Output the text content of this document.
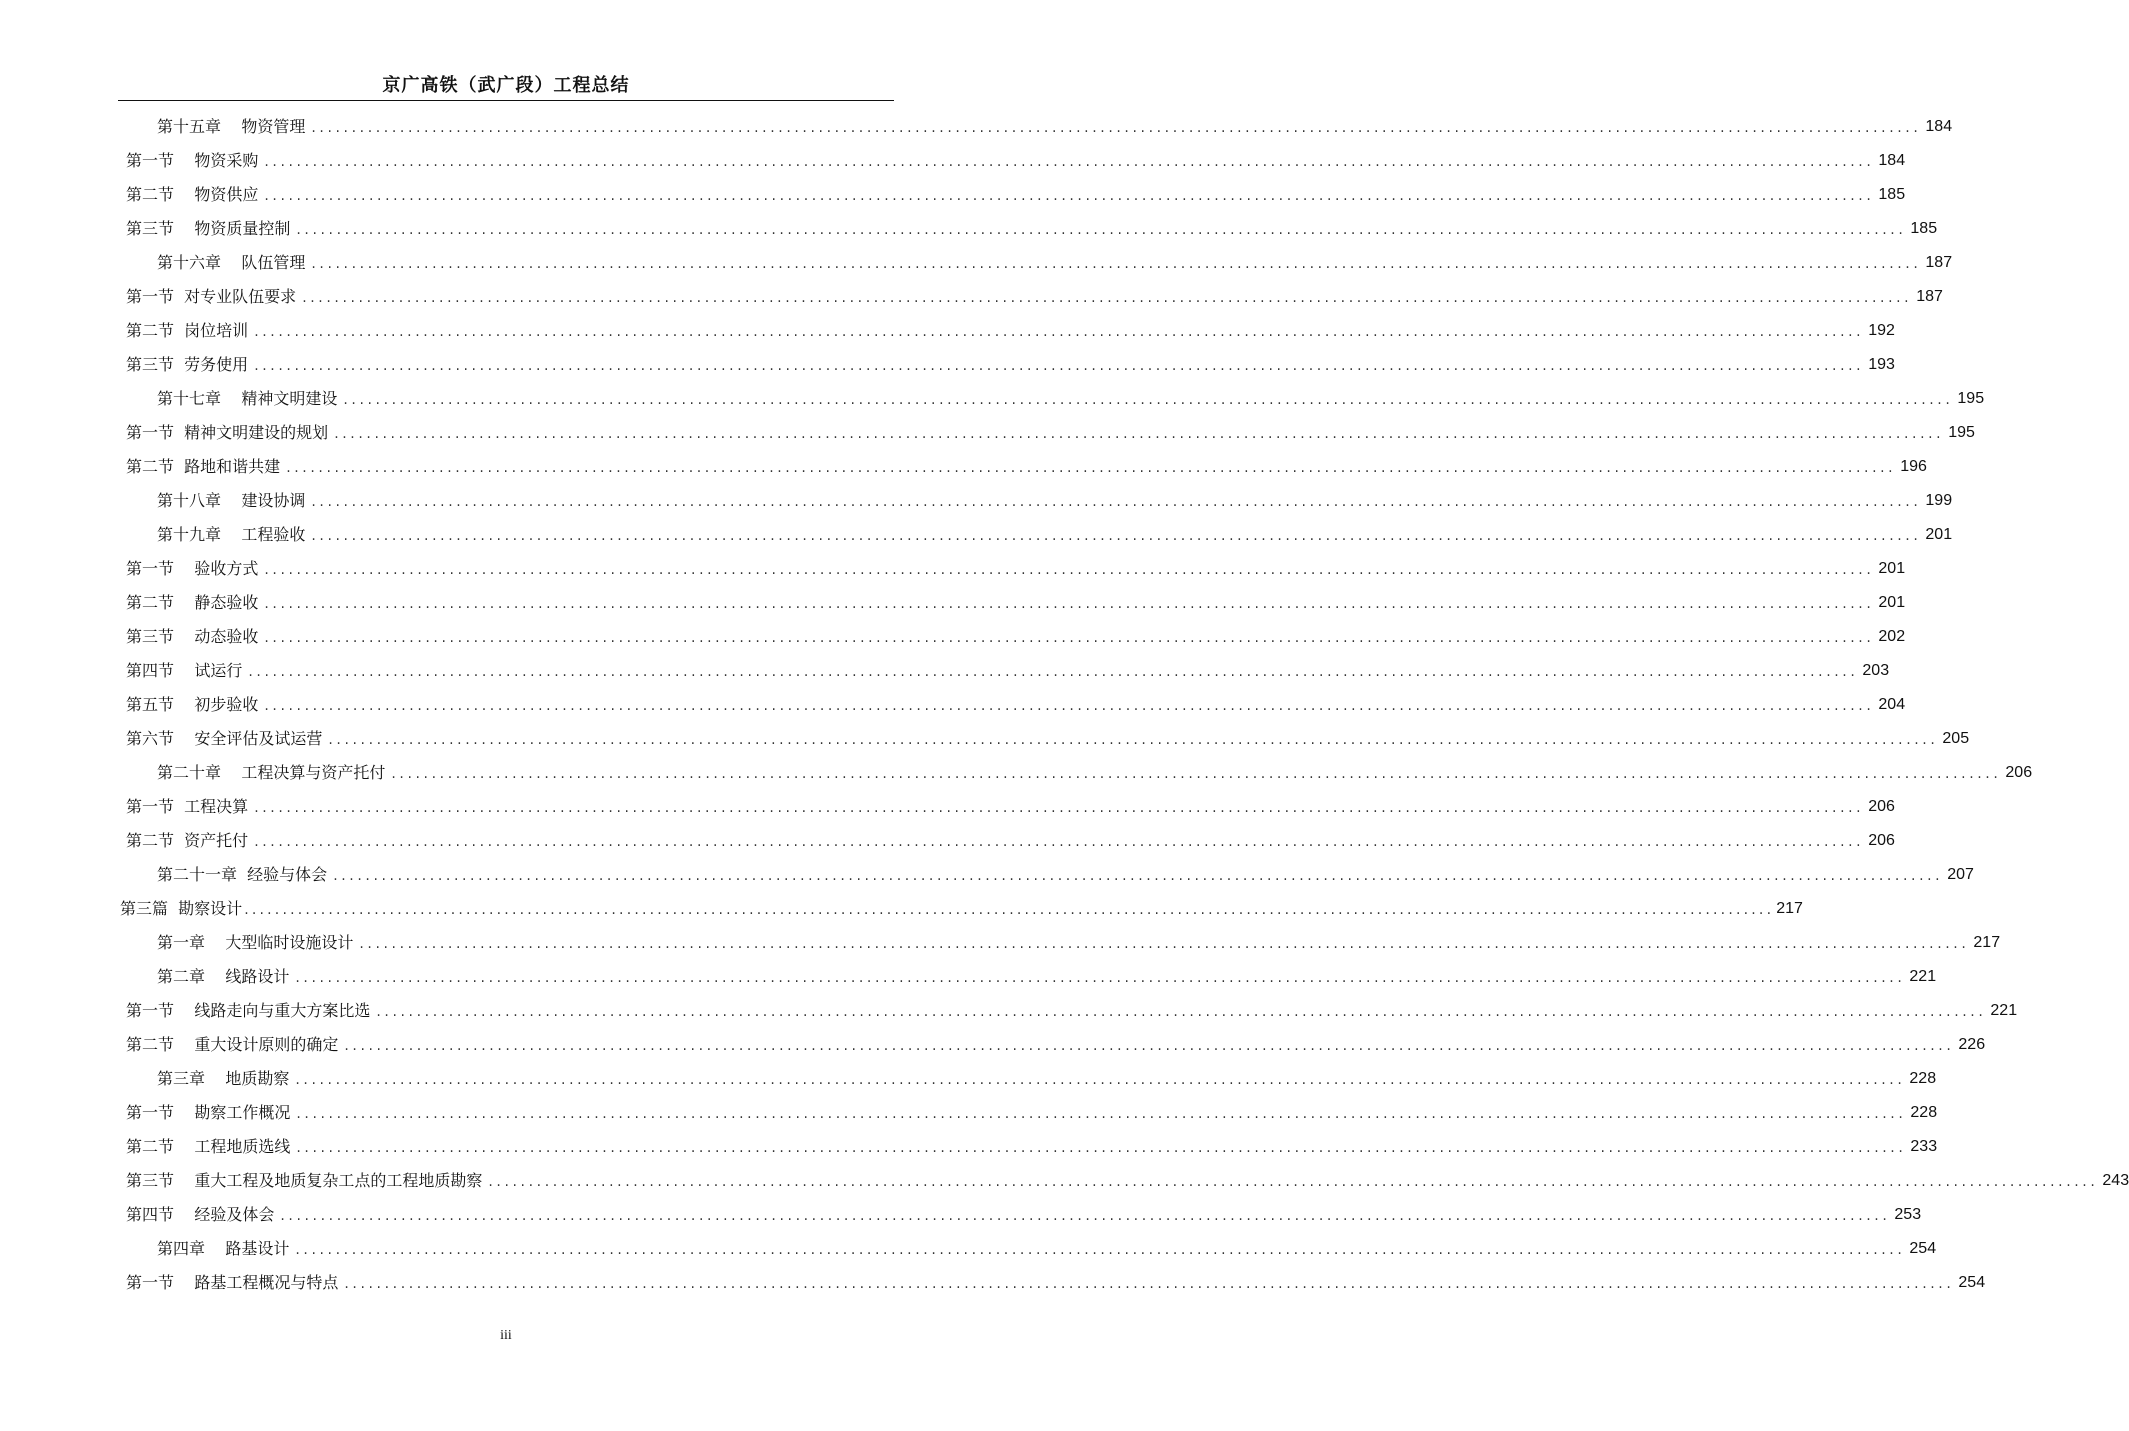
京广高铁（武广段）工程总结
第十五章    物资管理 ........................................................................................................................................................................................................ 184
第一节    物资采购 ........................................................................................................................................................................................................ 184
第二节    物资供应 ........................................................................................................................................................................................................ 185
第三节    物资质量控制 ........................................................................................................................................................................................................ 185
第十六章    队伍管理 ........................................................................................................................................................................................................ 187
第一节  对专业队伍要求 ........................................................................................................................................................................................................ 187
第二节  岗位培训 ........................................................................................................................................................................................................ 192
第三节  劳务使用 ........................................................................................................................................................................................................ 193
第十七章    精神文明建设 ........................................................................................................................................................................................................ 195
第一节  精神文明建设的规划 ........................................................................................................................................................................................................ 195
第二节  路地和谐共建 ........................................................................................................................................................................................................ 196
第十八章    建设协调 ........................................................................................................................................................................................................ 199
第十九章    工程验收 ........................................................................................................................................................................................................ 201
第一节    验收方式 ........................................................................................................................................................................................................ 201
第二节    静态验收 ........................................................................................................................................................................................................ 201
第三节    动态验收 ........................................................................................................................................................................................................ 202
第四节    试运行 ........................................................................................................................................................................................................ 203
第五节    初步验收 ........................................................................................................................................................................................................ 204
第六节    安全评估及试运营 ........................................................................................................................................................................................................ 205
第二十章    工程决算与资产托付 ........................................................................................................................................................................................................ 206
第一节  工程决算 ........................................................................................................................................................................................................ 206
第二节  资产托付 ........................................................................................................................................................................................................ 206
第二十一章  经验与体会 ........................................................................................................................................................................................................ 207
第三篇  勘察设计 ........................................................................................................................................................................................................ 217
第一章    大型临时设施设计 ........................................................................................................................................................................................................ 217
第二章    线路设计 ........................................................................................................................................................................................................ 221
第一节    线路走向与重大方案比选 ........................................................................................................................................................................................................ 221
第二节    重大设计原则的确定 ........................................................................................................................................................................................................ 226
第三章    地质勘察 ........................................................................................................................................................................................................ 228
第一节    勘察工作概况 ........................................................................................................................................................................................................ 228
第二节    工程地质选线 ........................................................................................................................................................................................................ 233
第三节    重大工程及地质复杂工点的工程地质勘察 ........................................................................................................................................................................................................ 243
第四节    经验及体会 ........................................................................................................................................................................................................ 253
第四章    路基设计 ........................................................................................................................................................................................................ 254
第一节    路基工程概况与特点 ........................................................................................................................................................................................................ 254
iii
